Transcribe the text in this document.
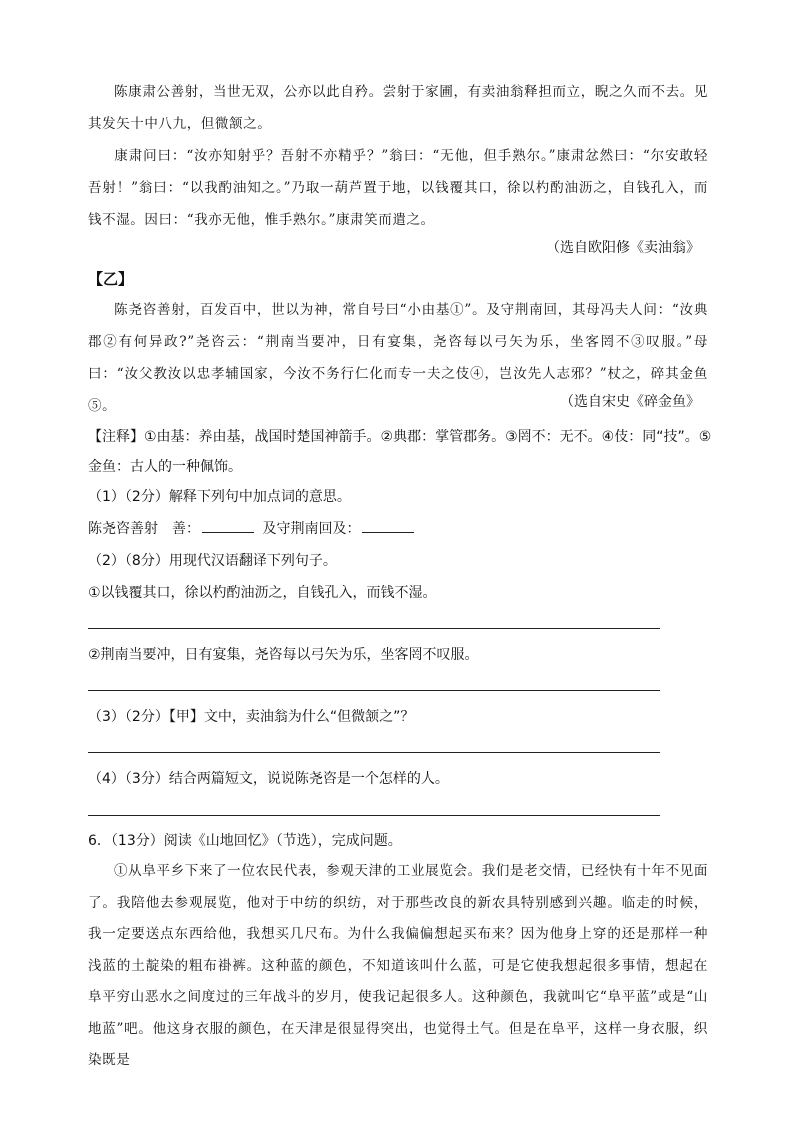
陈康肃公善射，当世无双，公亦以此自矜。尝射于家圃，有卖油翁释担而立，睨之久而不去。见其发矢十中八九，但微颔之。

康肃问曰：“汝亦知射乎？吾射不亦精乎？”翁曰：“无他，但手熟尔。”康肃忿然曰：“尔安敢轻吾射！”翁曰：“以我酌油知之。”乃取一葫芦置于地，以钱覆其口，徐以杓酌油沥之，自钱孔入，而钱不湿。因曰：“我亦无他，惟手熟尔。”康肃笑而遣之。

（选自欧阳修《卖油翁》
【乙】

陈尧咨善射，百发百中，世以为神，常自号曰“小由基①”。及守荆南回，其母冯夫人问：“汝典郡②有何异政?”尧咨云：“荆南当要冲，日有宴集，尧咨每以弓矢为乐，坐客罔不③叹服。”母曰：“汝父教汝以忠孝辅国家，今汝不务行仁化而专一夫之伎④，岂汝先人志邪？”杖之，碎其金鱼⑤。	（选自宋史《碎金鱼》

【注释】①由基：养由基，战国时楚国神箭手。②典郡：掌管郡务。③罔不：无不。④伎：同“技”。⑤金鱼：古人的一种佩饰。

（1）（2分）解释下列句中加点词的意思。

陈尧咨善射　善：	及守荆南回及：

（2）（8分）用现代汉语翻译下列句子。

①以钱覆其口，徐以杓酌油沥之，自钱孔入，而钱不湿。

②荆南当要冲，日有宴集，尧咨每以弓矢为乐，坐客罔不叹服。

（3）（2分）【甲】文中，卖油翁为什么“但微颔之”？

（4）（3分）结合两篇短文，说说陈尧咨是一个怎样的人。

6．（13分）阅读《山地回忆》（节选），完成问题。

①从阜平乡下来了一位农民代表，参观天津的工业展览会。我们是老交情，已经快有十年不见面了。我陪他去参观展览，他对于中纺的织纺，对于那些改良的新农具特别感到兴趣。临走的时候，我一定要送点东西给他，我想买几尺布。为什么我偏偏想起买布来？因为他身上穿的还是那样一种浅蓝的土靛染的粗布褂裤。这种蓝的颜色，不知道该叫什么蓝，可是它使我想起很多事情，想起在阜平穷山恶水之间度过的三年战斗的岁月，使我记起很多人。这种颜色，我就叫它“阜平蓝”或是“山地蓝”吧。他这身衣服的颜色，在天津是很显得突出，也觉得土气。但是在阜平，这样一身衣服，织染既是
